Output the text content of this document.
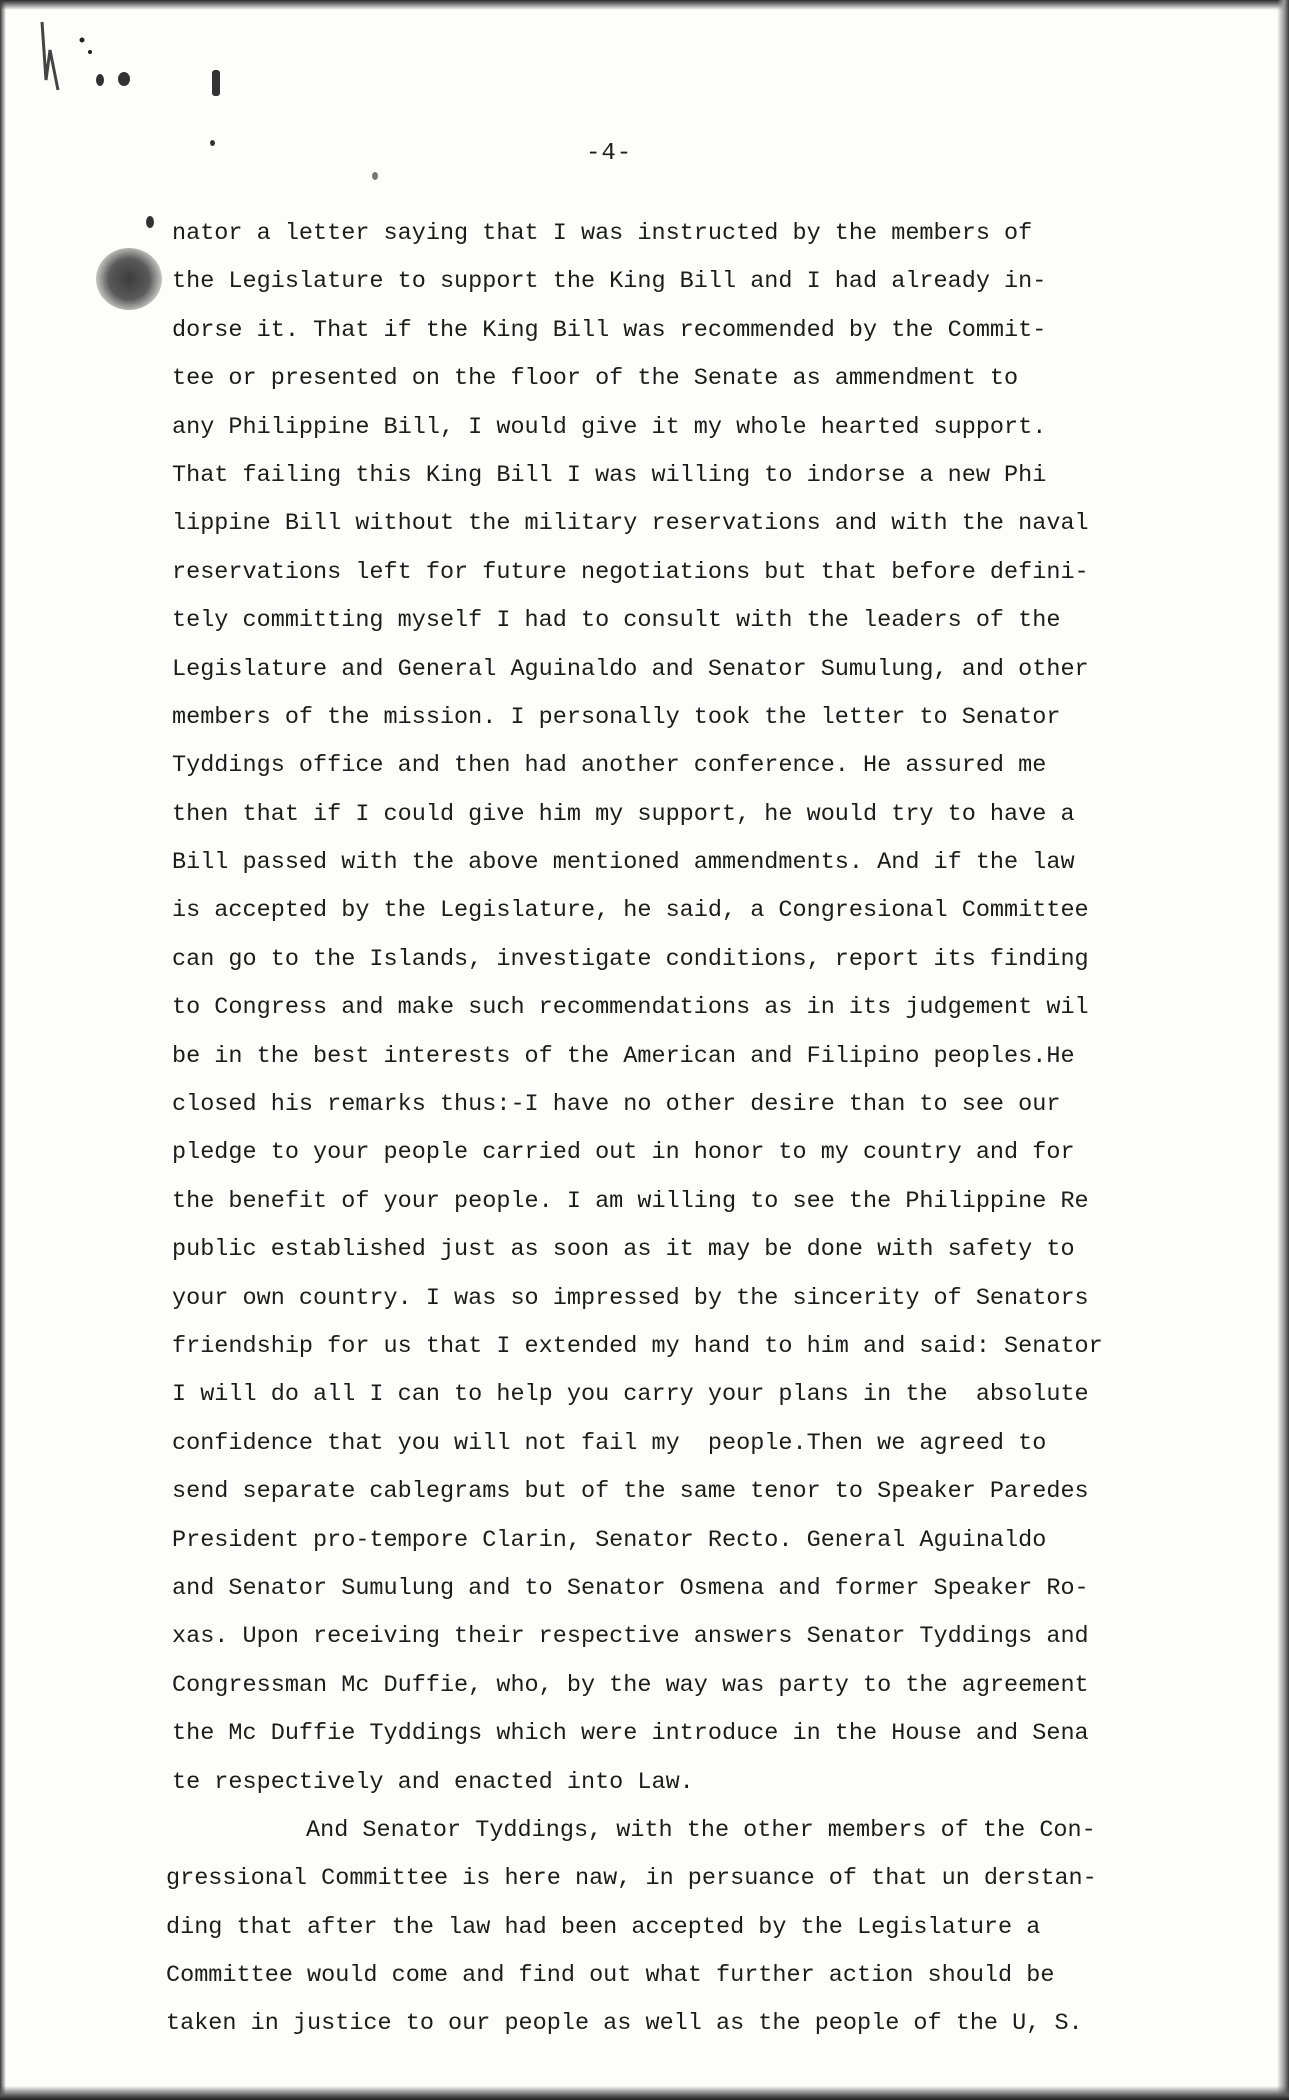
-4-
nator a letter saying that I was instructed by the members of
the Legislature to support the King Bill and I had already in-
dorse it. That if the King Bill was recommended by the Commit-
tee or presented on the floor of the Senate as ammendment to
any Philippine Bill, I would give it my whole hearted support.
That failing this King Bill I was willing to indorse a new Phi
lippine Bill without the military reservations and with the naval
reservations left for future negotiations but that before defini-
tely committing myself I had to consult with the leaders of the
Legislature and General Aguinaldo and Senator Sumulung, and other
members of the mission. I personally took the letter to Senator
Tyddings office and then had another conference. He assured me
then that if I could give him my support, he would try to have a
Bill passed with the above mentioned ammendments. And if the law
is accepted by the Legislature, he said, a Congresional Committee
can go to the Islands, investigate conditions, report its finding
to Congress and make such recommendations as in its judgement wil
be in the best interests of the American and Filipino peoples.He
closed his remarks thus:-I have no other desire than to see our
pledge to your people carried out in honor to my country and for
the benefit of your people. I am willing to see the Philippine Re
public established just as soon as it may be done with safety to
your own country. I was so impressed by the sincerity of Senators
friendship for us that I extended my hand to him and said: Senator
I will do all I can to help you carry your plans in the  absolute
confidence that you will not fail my  people.Then we agreed to
send separate cablegrams but of the same tenor to Speaker Paredes
President pro-tempore Clarin, Senator Recto. General Aguinaldo
and Senator Sumulung and to Senator Osmena and former Speaker Ro-
xas. Upon receiving their respective answers Senator Tyddings and
Congressman Mc Duffie, who, by the way was party to the agreement
the Mc Duffie Tyddings which were introduce in the House and Sena
te respectively and enacted into Law.
And Senator Tyddings, with the other members of the Con-
gressional Committee is here naw, in persuance of that un derstan-
ding that after the law had been accepted by the Legislature a
Committee would come and find out what further action should be
taken in justice to our people as well as the people of the U, S.
